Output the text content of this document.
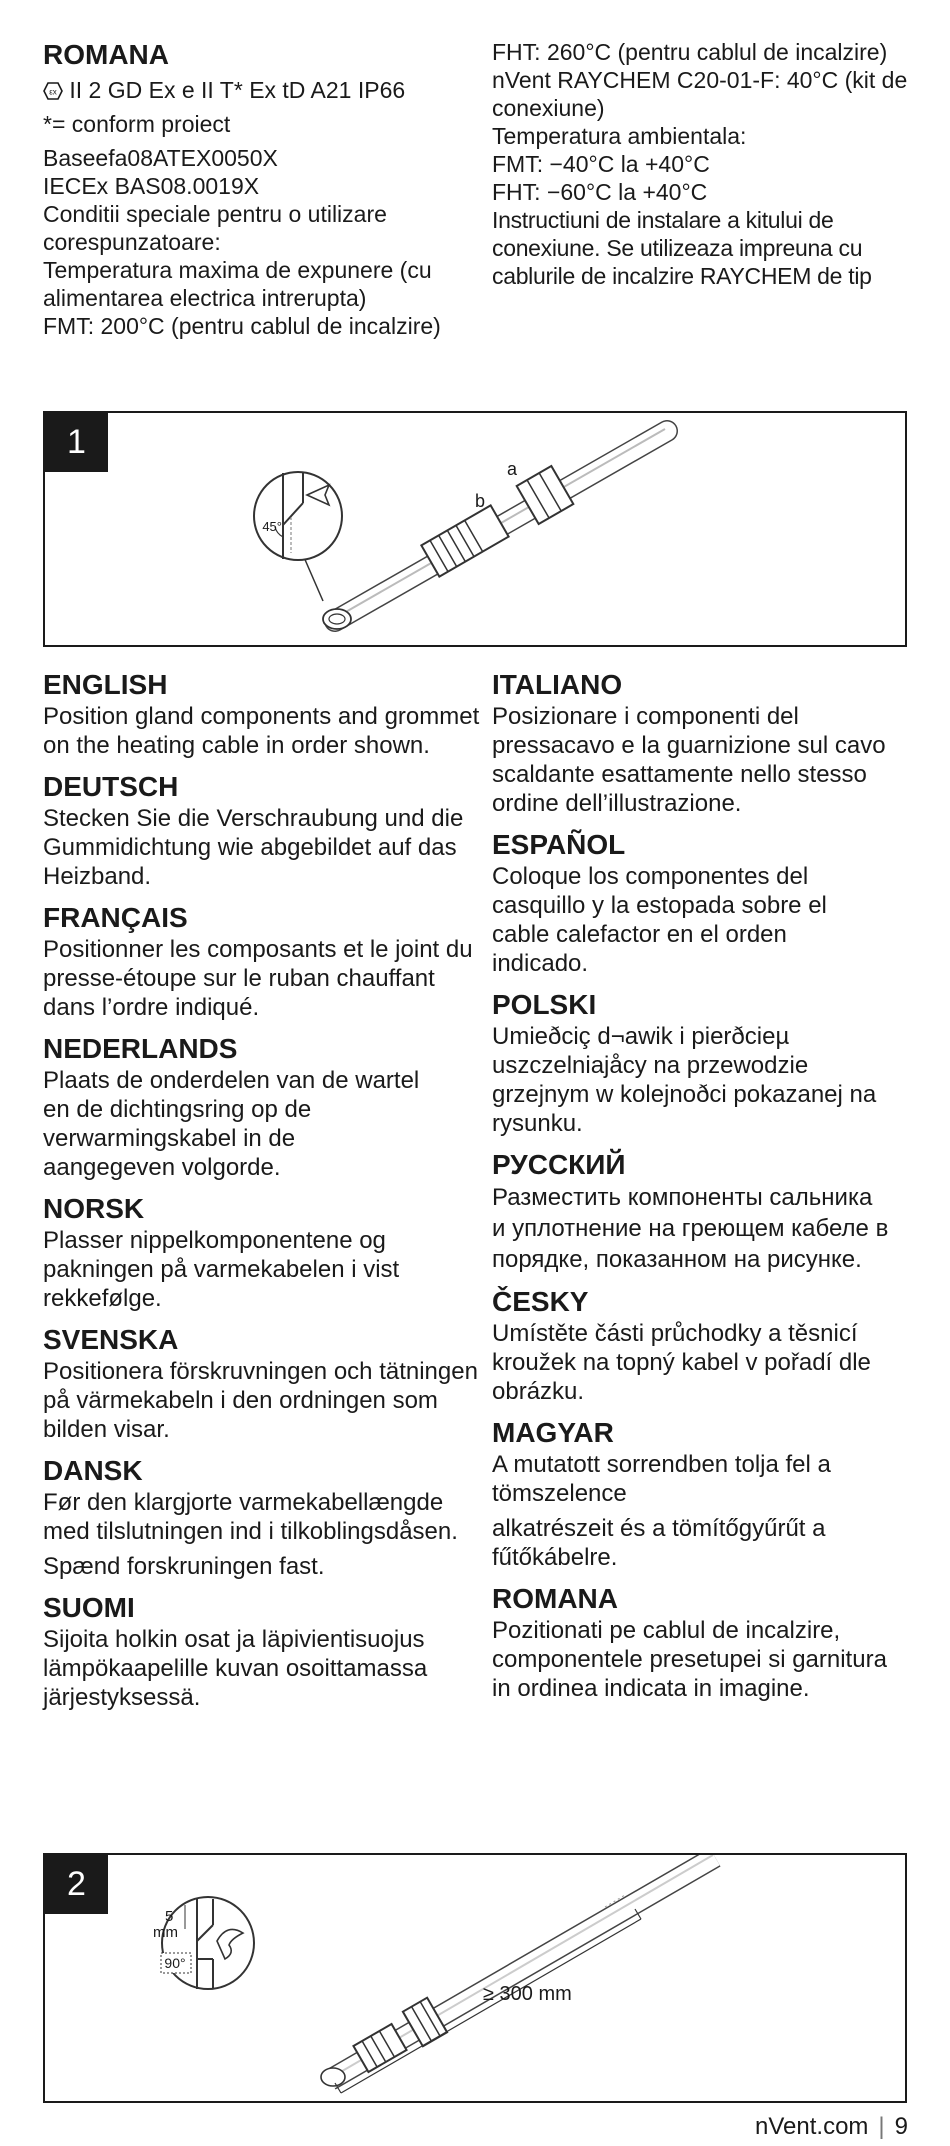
ROMANA

εx II 2 GD Ex e II T* Ex tD A21 IP66

*= conform proiect

Baseefa08ATEX0050X

IECEx BAS08.0019X

Conditii speciale pentru o utilizare corespunzatoare:

Temperatura maxima de expunere (cu alimentarea electrica intrerupta)

FMT: 200°C (pentru cablul de incalzire)

FHT: 260°C (pentru cablul de incalzire)

nVent RAYCHEM C20-01-F: 40°C (kit de conexiune)

Temperatura ambientala:

FMT: −40°C la +40°C

FHT: −60°C la +40°C

Instructiuni de instalare a kitului de conexiune. Se utilizeaza impreuna cu cablurile de incalzire RAYCHEM de tip

1
a
b
45°
ENGLISH

Position gland components and grommet on the heating cable in order shown.

DEUTSCH

Stecken Sie die Verschraubung und die Gummidichtung wie abgebildet auf das Heizband.

FRANÇAIS

Positionner les composants et le joint du presse-étoupe sur le ruban chauffant dans l’ordre indiqué.

NEDERLANDS

Plaats de onderdelen van de wartel en de dichtingsring op de verwarmingskabel in de aangegeven volgorde.

NORSK

Plasser nippelkomponentene og pakningen på varmekabelen i vist rekkefølge.

SVENSKA

Positionera förskruvningen och tätningen på värmekabeln i den ordningen som bilden visar.

DANSK

Før den klargjorte varmekabellængde med tilslutningen ind i tilkoblingsdåsen.

Spænd forskruningen fast.

SUOMI

Sijoita holkin osat ja läpivientisuojus lämpökaapelille kuvan osoittamassa järjestyksessä.

ITALIANO

Posizionare i componenti del pressacavo e la guarnizione sul cavo scaldante esattamente nello stesso ordine dell’illustrazione.

ESPAÑOL

Coloque los componentes del casquillo y la estopada sobre el cable calefactor en el orden indicado.

POLSKI

Umieðciç d¬awik i pierðcieµ uszczelniajåcy na przewodzie grzejnym w kolejnoðci pokazanej na rysunku.

РУССКИЙ

Разместить компоненты сальника и уплотнение на греющем кабеле в порядке, показанном на рисунке.

ČESKY

Umístěte části průchodky a těsnicí kroužek na topný kabel v pořadí dle obrázku.

MAGYAR

A mutatott sorrendben tolja fel a tömszelence

alkatrészeit és a tömítőgyűrűt a fűtőkábelre.

ROMANA

Pozitionati pe cablul de incalzire, componentele presetupei si garnitura in ordinea indicata in imagine.

2
≥ 300 mm
5
mm
90°
nVent.com | 9
